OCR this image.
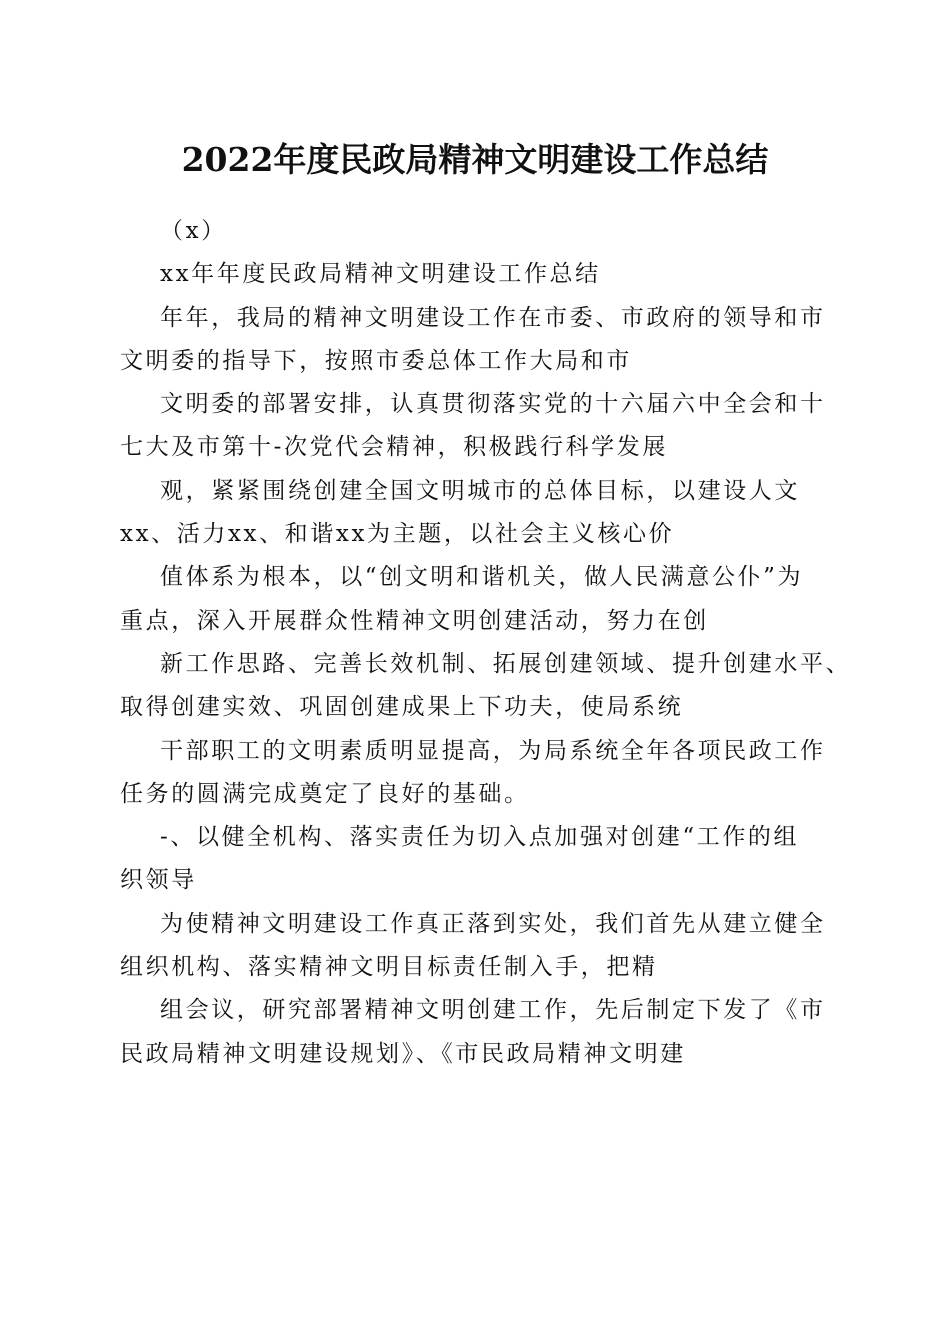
2022年度民政局精神文明建设工作总结
（x）
xx年年度民政局精神文明建设工作总结
年年，我局的精神文明建设工作在市委、市政府的领导和市
文明委的指导下，按照市委总体工作大局和市
文明委的部署安排，认真贯彻落实党的十六届六中全会和十
七大及市第十-次党代会精神，积极践行科学发展
观，紧紧围绕创建全国文明城市的总体目标，以建设人文
xx、活力xx、和谐xx为主题，以社会主义核心价
值体系为根本，以“创文明和谐机关，做人民满意公仆”为
重点，深入开展群众性精神文明创建活动，努力在创
新工作思路、完善长效机制、拓展创建领域、提升创建水平、
取得创建实效、巩固创建成果上下功夫，使局系统
干部职工的文明素质明显提高，为局系统全年各项民政工作
任务的圆满完成奠定了良好的基础。
-、以健全机构、落实责任为切入点加强对创建“工作的组
织领导
为使精神文明建设工作真正落到实处，我们首先从建立健全
组织机构、落实精神文明目标责任制入手，把精
组会议，研究部署精神文明创建工作，先后制定下发了《市
民政局精神文明建设规划》、《市民政局精神文明建
